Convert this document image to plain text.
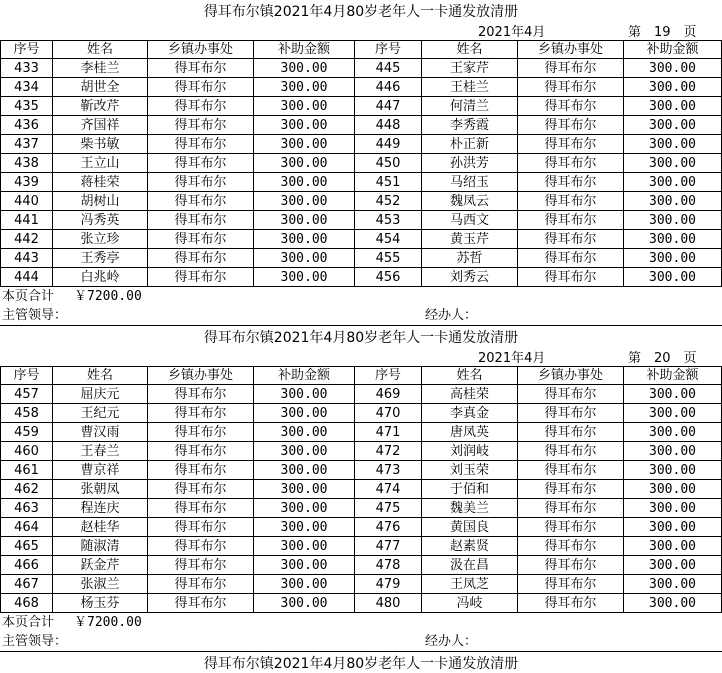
得耳布尔镇2021年4月80岁老年人一卡通发放清册
2021年4月	第　19　页
序号	姓名	乡镇办事处	补助金额	序号	姓名	乡镇办事处	补助金额
433	李桂兰	得耳布尔	300.00	445	王家芹	得耳布尔	300.00
434	胡世全	得耳布尔	300.00	446	王桂兰	得耳布尔	300.00
435	靳改芹	得耳布尔	300.00	447	何清兰	得耳布尔	300.00
436	齐国祥	得耳布尔	300.00	448	李秀霞	得耳布尔	300.00
437	柴书敏	得耳布尔	300.00	449	朴正新	得耳布尔	300.00
438	王立山	得耳布尔	300.00	450	孙洪芳	得耳布尔	300.00
439	蒋桂荣	得耳布尔	300.00	451	马绍玉	得耳布尔	300.00
440	胡树山	得耳布尔	300.00	452	魏凤云	得耳布尔	300.00
441	冯秀英	得耳布尔	300.00	453	马西文	得耳布尔	300.00
442	张立珍	得耳布尔	300.00	454	黄玉芹	得耳布尔	300.00
443	王秀亭	得耳布尔	300.00	455	苏哲	得耳布尔	300.00
444	白兆岭	得耳布尔	300.00	456	刘秀云	得耳布尔	300.00
本页合计	￥7200.00
主管领导：	经办人：
得耳布尔镇2021年4月80岁老年人一卡通发放清册
2021年4月	第　20　页
序号	姓名	乡镇办事处	补助金额	序号	姓名	乡镇办事处	补助金额
457	屈庆元	得耳布尔	300.00	469	高桂荣	得耳布尔	300.00
458	王纪元	得耳布尔	300.00	470	李真金	得耳布尔	300.00
459	曹汉雨	得耳布尔	300.00	471	唐凤英	得耳布尔	300.00
460	王春兰	得耳布尔	300.00	472	刘润岐	得耳布尔	300.00
461	曹京祥	得耳布尔	300.00	473	刘玉荣	得耳布尔	300.00
462	张朝凤	得耳布尔	300.00	474	于佰和	得耳布尔	300.00
463	程连庆	得耳布尔	300.00	475	魏美兰	得耳布尔	300.00
464	赵桂华	得耳布尔	300.00	476	黄国良	得耳布尔	300.00
465	随淑清	得耳布尔	300.00	477	赵素贤	得耳布尔	300.00
466	跃金芹	得耳布尔	300.00	478	汲在昌	得耳布尔	300.00
467	张淑兰	得耳布尔	300.00	479	王凤芝	得耳布尔	300.00
468	杨玉芬	得耳布尔	300.00	480	冯岐	得耳布尔	300.00
本页合计	￥7200.00
主管领导：	经办人：
得耳布尔镇2021年4月80岁老年人一卡通发放清册
